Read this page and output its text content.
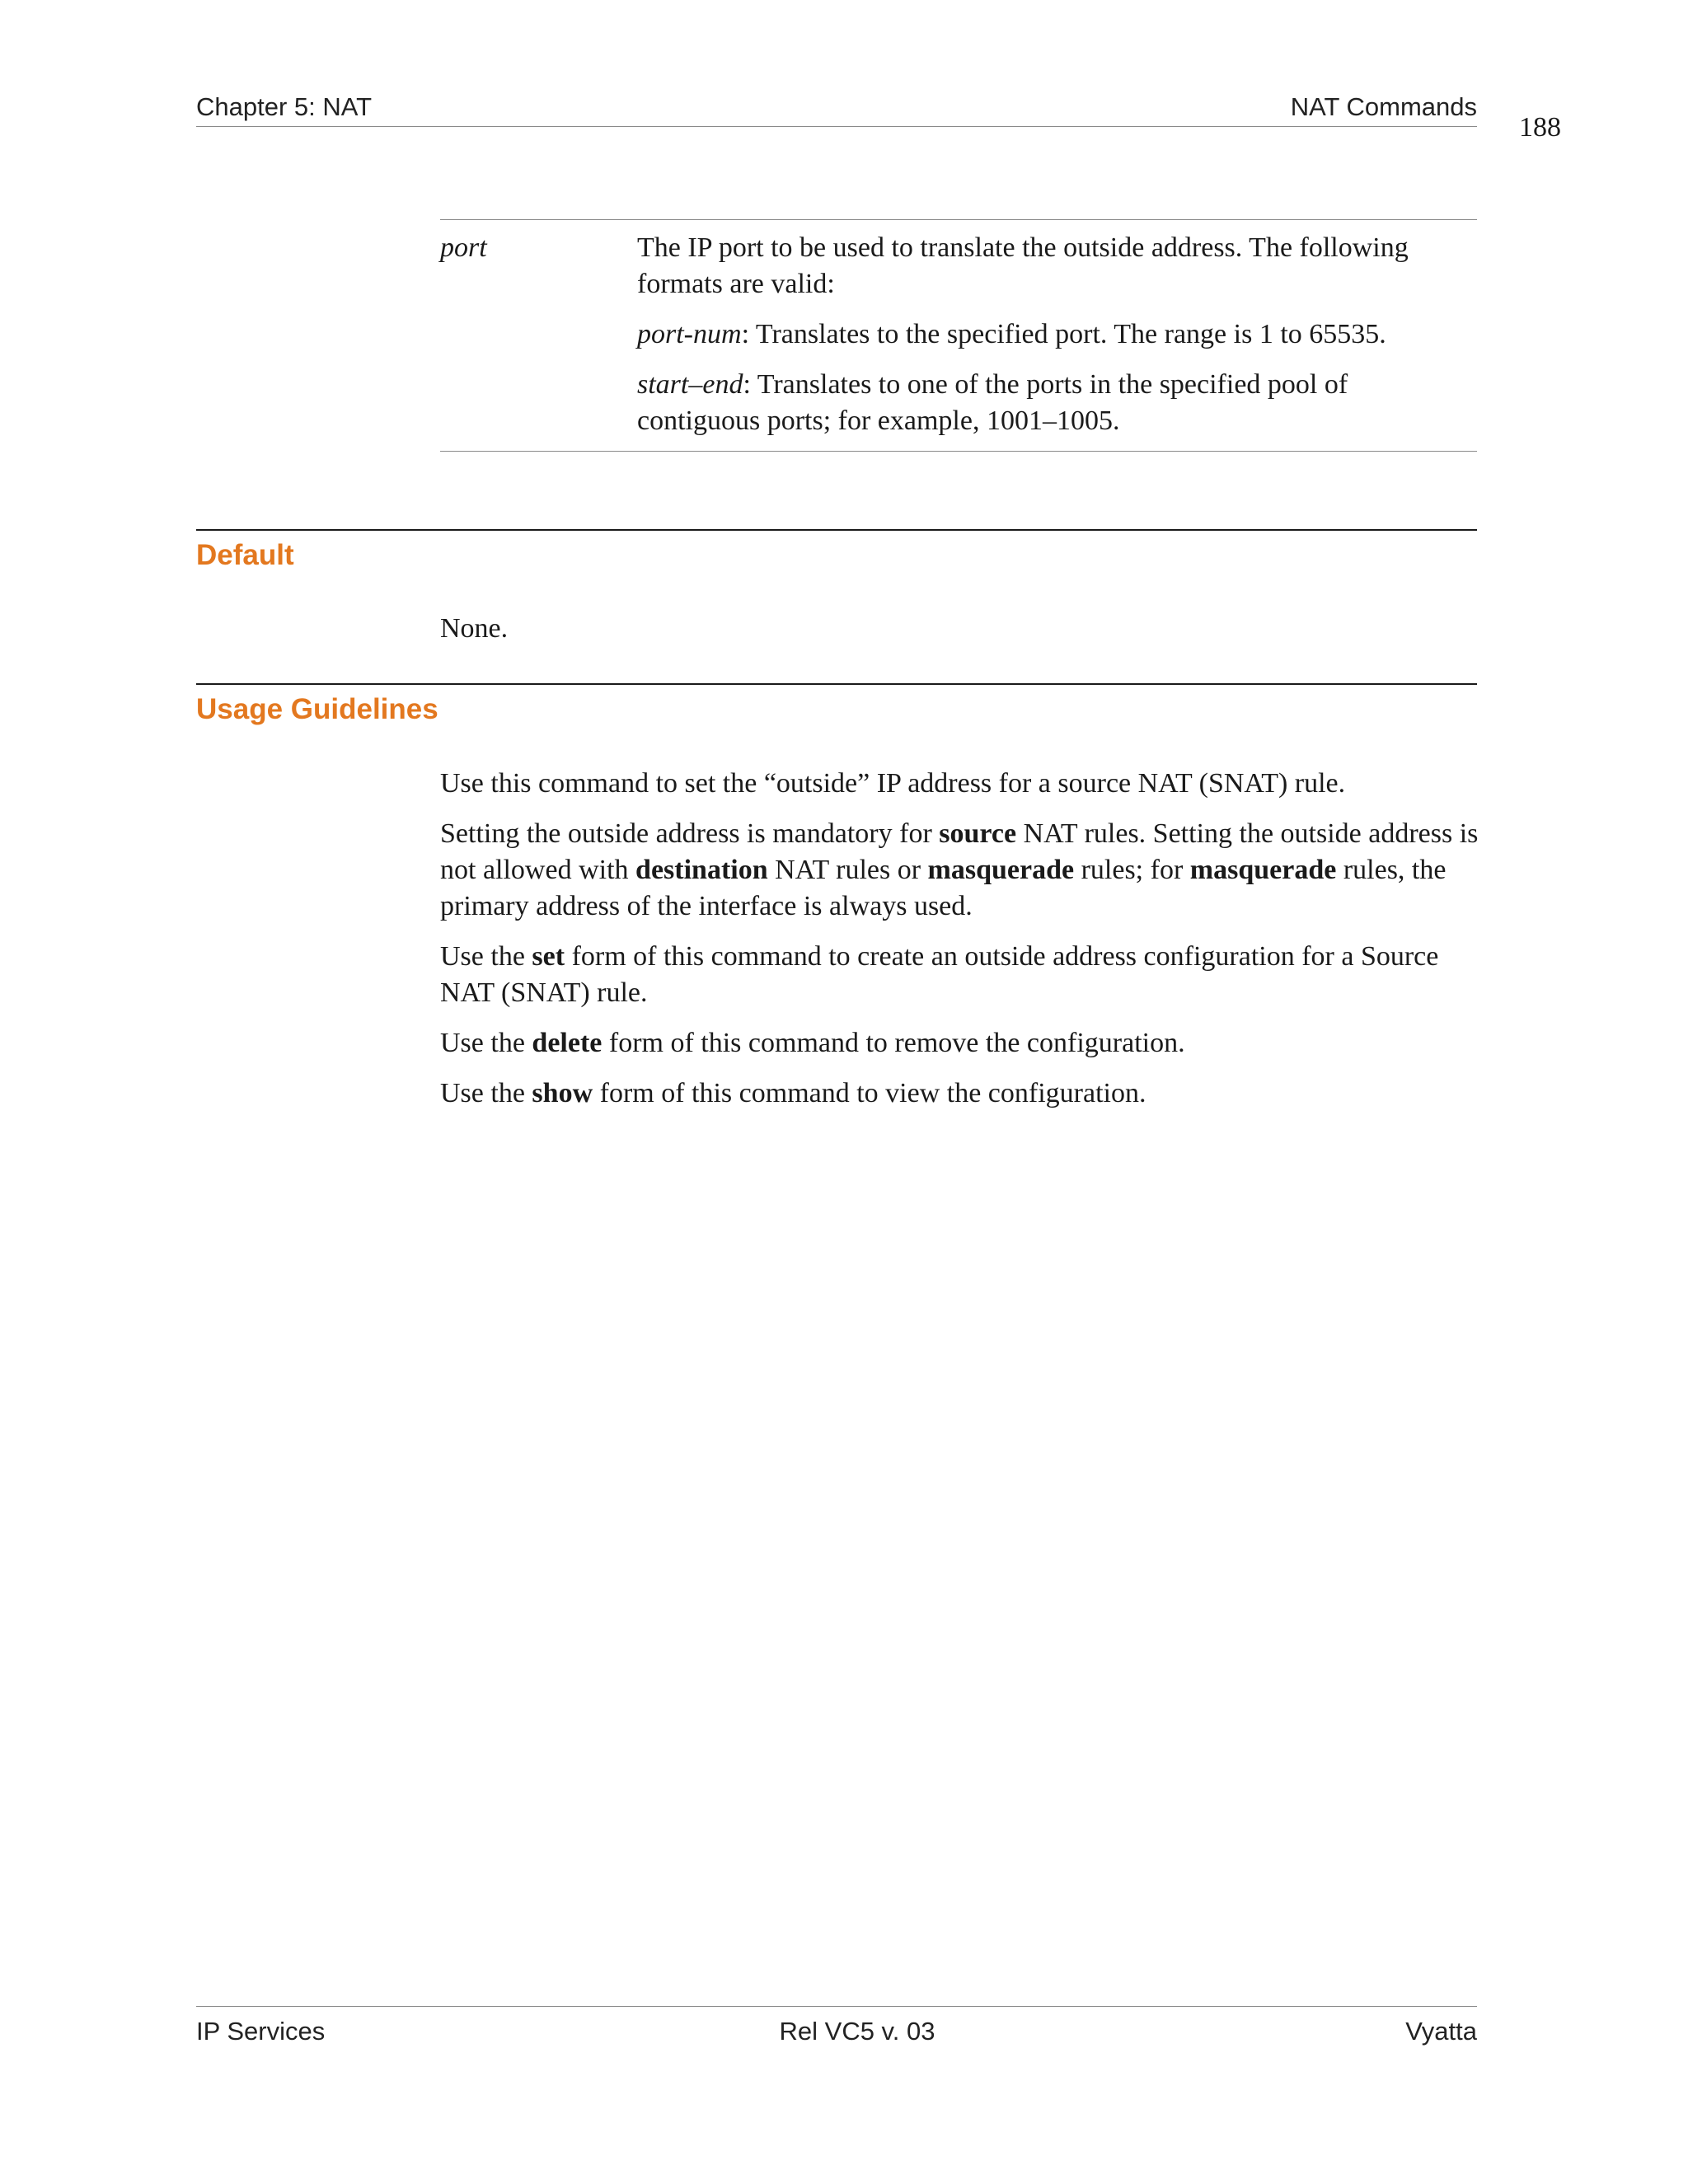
Chapter 5: NAT	NAT Commands
188
port	The IP port to be used to translate the outside address. The following formats are valid:

port-num: Translates to the specified port. The range is 1 to 65535.

start–end: Translates to one of the ports in the specified pool of contiguous ports; for example, 1001–1005.

Default

None.

Usage Guidelines

Use this command to set the “outside” IP address for a source NAT (SNAT) rule.

Setting the outside address is mandatory for source NAT rules. Setting the outside address is not allowed with destination NAT rules or masquerade rules; for masquerade rules, the primary address of the interface is always used.

Use the set form of this command to create an outside address configuration for a Source NAT (SNAT) rule.

Use the delete form of this command to remove the configuration.

Use the show form of this command to view the configuration.

IP Services	Rel VC5 v. 03	Vyatta
